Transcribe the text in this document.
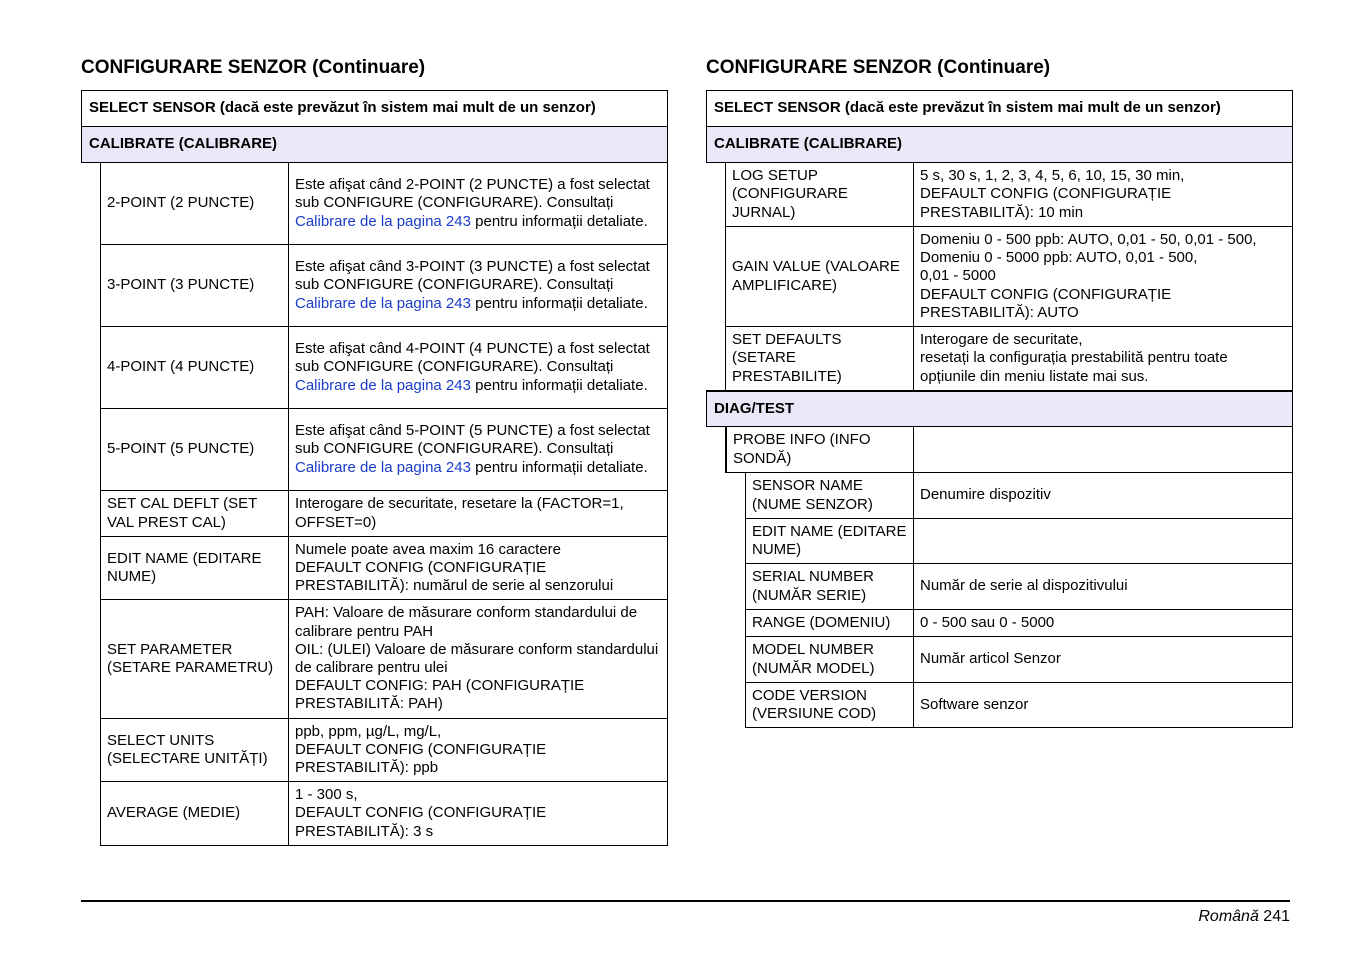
CONFIGURARE SENZOR (Continuare)
SELECT SENSOR (dacă este prevăzut în sistem mai mult de un senzor)
CALIBRATE (CALIBRARE)
2-POINT (2 PUNCTE)
Este afişat când 2-POINT (2 PUNCTE) a fost selectat sub CONFIGURE (CONFIGURARE). Consultați Calibrare de la pagina 243 pentru informații detaliate.
3-POINT (3 PUNCTE)
Este afişat când 3-POINT (3 PUNCTE) a fost selectat sub CONFIGURE (CONFIGURARE). Consultați Calibrare de la pagina 243 pentru informații detaliate.
4-POINT (4 PUNCTE)
Este afişat când 4-POINT (4 PUNCTE) a fost selectat sub CONFIGURE (CONFIGURARE). Consultați Calibrare de la pagina 243 pentru informații detaliate.
5-POINT (5 PUNCTE)
Este afişat când 5-POINT (5 PUNCTE) a fost selectat sub CONFIGURE (CONFIGURARE). Consultați Calibrare de la pagina 243 pentru informații detaliate.
SET CAL DEFLT (SET VAL PREST CAL)
Interogare de securitate, resetare la (FACTOR=1, OFFSET=0)
EDIT NAME (EDITARE NUME)
Numele poate avea maxim 16 caractere
DEFAULT CONFIG (CONFIGURAȚIE PRESTABILITĂ): numărul de serie al senzorului
SET PARAMETER (SETARE PARAMETRU)
PAH: Valoare de măsurare conform standardului de calibrare pentru PAH
OIL: (ULEI) Valoare de măsurare conform standardului de calibrare pentru ulei
DEFAULT CONFIG: PAH (CONFIGURAȚIE PRESTABILITĂ: PAH)
SELECT UNITS (SELECTARE UNITĂȚI)
ppb, ppm, µg/L, mg/L,
DEFAULT CONFIG (CONFIGURAȚIE PRESTABILITĂ): ppb
AVERAGE (MEDIE)
1 - 300 s,
DEFAULT CONFIG (CONFIGURAȚIE PRESTABILITĂ): 3 s
CONFIGURARE SENZOR (Continuare)
SELECT SENSOR (dacă este prevăzut în sistem mai mult de un senzor)
CALIBRATE (CALIBRARE)
LOG SETUP (CONFIGURARE JURNAL)
5 s, 30 s, 1, 2, 3, 4, 5, 6, 10, 15, 30 min,
DEFAULT CONFIG (CONFIGURAȚIE PRESTABILITĂ): 10 min
GAIN VALUE (VALOARE AMPLIFICARE)
Domeniu 0 - 500 ppb: AUTO, 0,01 - 50, 0,01 - 500,
Domeniu 0 - 5000 ppb: AUTO, 0,01 - 500,
0,01 - 5000
DEFAULT CONFIG (CONFIGURAȚIE PRESTABILITĂ): AUTO
SET DEFAULTS (SETARE PRESTABILITE)
Interogare de securitate,
resetați la configurația prestabilită pentru toate opțiunile din meniu listate mai sus.
DIAG/TEST
PROBE INFO (INFO SONDĂ)
SENSOR NAME (NUME SENZOR)
Denumire dispozitiv
EDIT NAME (EDITARE NUME)
SERIAL NUMBER (NUMĂR SERIE)
Număr de serie al dispozitivului
RANGE (DOMENIU) 0 - 500 sau 0 - 5000
MODEL NUMBER (NUMĂR MODEL)
Număr articol Senzor
CODE VERSION (VERSIUNE COD)
Software senzor
Română 241
